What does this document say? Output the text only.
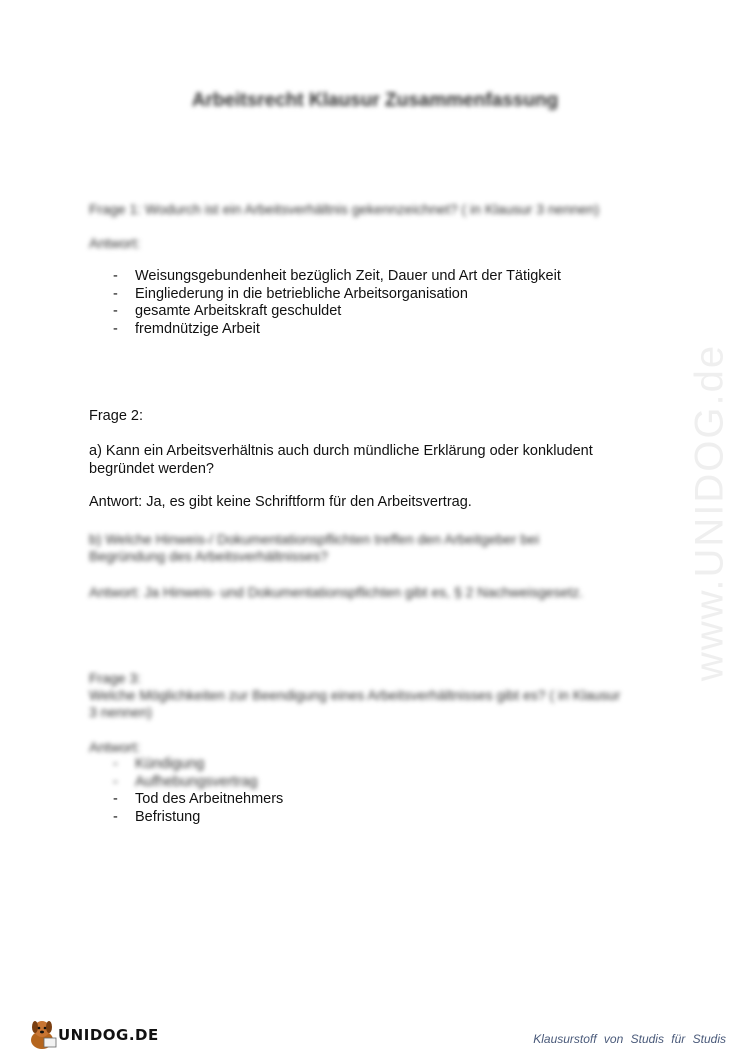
Arbeitsrecht Klausur Zusammenfassung
Frage 1: Wodurch ist ein Arbeitsverhältnis gekennzeichnet? ( in Klausur 3 nennen)
Antwort:
- Weisungsgebundenheit bezüglich Zeit, Dauer und Art der Tätigkeit
- Eingliederung in die betriebliche Arbeitsorganisation
- gesamte Arbeitskraft geschuldet
- fremdnützige Arbeit
Frage 2:
a) Kann ein Arbeitsverhältnis auch durch mündliche Erklärung oder konkludent begründet werden?
Antwort: Ja, es gibt keine Schriftform für den Arbeitsvertrag.
b) Welche Hinweis-/ Dokumentationspflichten treffen den Arbeitgeber bei Begründung des Arbeitsverhältnisses?
Antwort: Ja Hinweis- und Dokumentationspflichten gibt es, § 2 Nachweisgesetz.
Frage 3:
Welche Möglichkeiten zur Beendigung eines Arbeitsverhältnisses gibt es? ( in Klausur 3 nennen)
Antwort:
- Kündigung
- Aufhebungsvertrag
- Tod des Arbeitnehmers
- Befristung
www.UNIDOG.de
UNIDOG.DE	Klausurstoff von Studis für Studis
